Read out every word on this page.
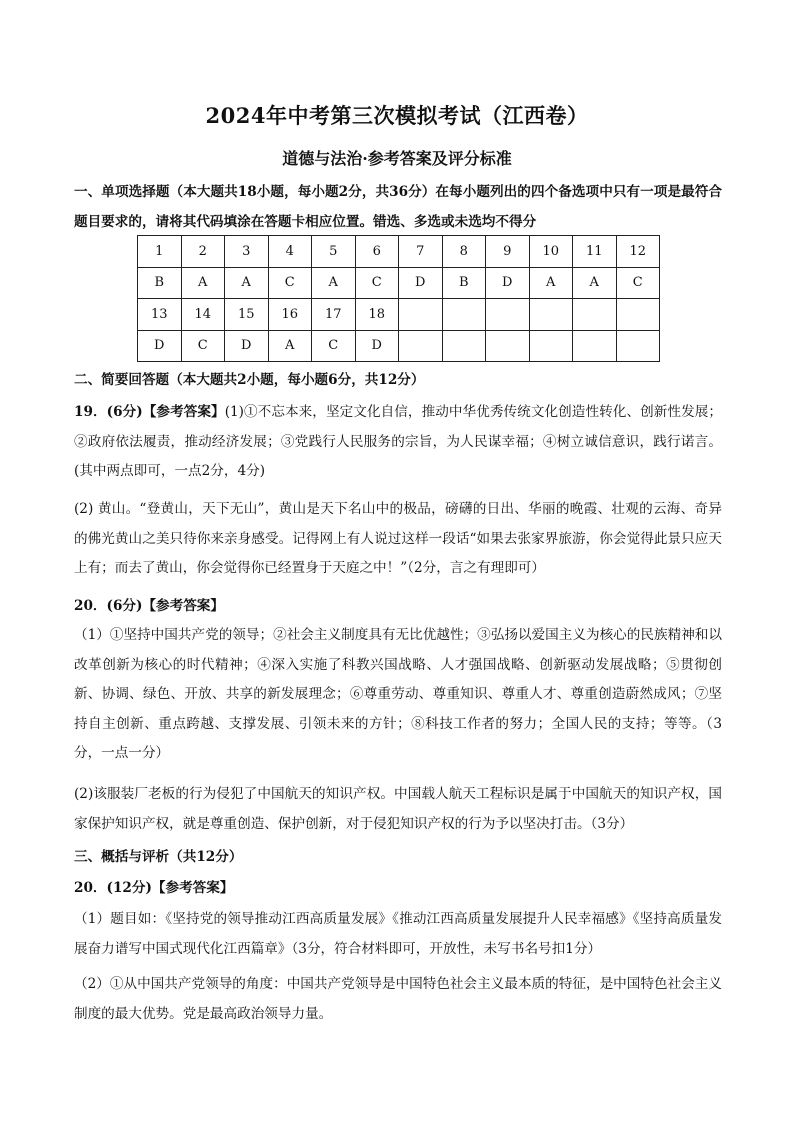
2024年中考第三次模拟考试（江西卷）
道德与法治·参考答案及评分标准
一、单项选择题（本大题共18小题，每小题2分，共36分）在每小题列出的四个备选项中只有一项是最符合题目要求的，请将其代码填涂在答题卡相应位置。错选、多选或未选均不得分
1	2	3	4	5	6	7	8	9	10	11	12
B	A	A	C	A	C	D	B	D	A	A	C
13	14	15	16	17	18						
D	C	D	A	C	D						
二、简要回答题（本大题共2小题，每小题6分，共12分）
19．(6分)【参考答案】(1)①不忘本来，坚定文化自信，推动中华优秀传统文化创造性转化、创新性发展；②政府依法履责，推动经济发展；③党践行人民服务的宗旨，为人民谋幸福；④树立诚信意识，践行诺言。(其中两点即可，一点2分，4分)
(2) 黄山。“登黄山，天下无山”，黄山是天下名山中的极品，磅礴的日出、华丽的晚霞、壮观的云海、奇异的佛光黄山之美只待你来亲身感受。记得网上有人说过这样一段话“如果去张家界旅游，你会觉得此景只应天上有；而去了黄山，你会觉得你已经置身于天庭之中！”（2分，言之有理即可）
20．(6分)【参考答案】
（1）①坚持中国共产党的领导；②社会主义制度具有无比优越性；③弘扬以爱国主义为核心的民族精神和以改革创新为核心的时代精神；④深入实施了科教兴国战略、人才强国战略、创新驱动发展战略；⑤贯彻创新、协调、绿色、开放、共享的新发展理念；⑥尊重劳动、尊重知识、尊重人才、尊重创造蔚然成风；⑦坚持自主创新、重点跨越、支撑发展、引领未来的方针；⑧科技工作者的努力；全国人民的支持；等等。（3分，一点一分）
(2)该服装厂老板的行为侵犯了中国航天的知识产权。中国载人航天工程标识是属于中国航天的知识产权，国家保护知识产权，就是尊重创造、保护创新，对于侵犯知识产权的行为予以坚决打击。（3分）
三、概括与评析（共12分）
20．(12分)【参考答案】
（1）题目如：《坚持党的领导推动江西高质量发展》《推动江西高质量发展提升人民幸福感》《坚持高质量发展奋力谱写中国式现代化江西篇章》（3分，符合材料即可，开放性，未写书名号扣1分）
（2）①从中国共产党领导的角度：中国共产党领导是中国特色社会主义最本质的特征，是中国特色社会主义制度的最大优势。党是最高政治领导力量。
